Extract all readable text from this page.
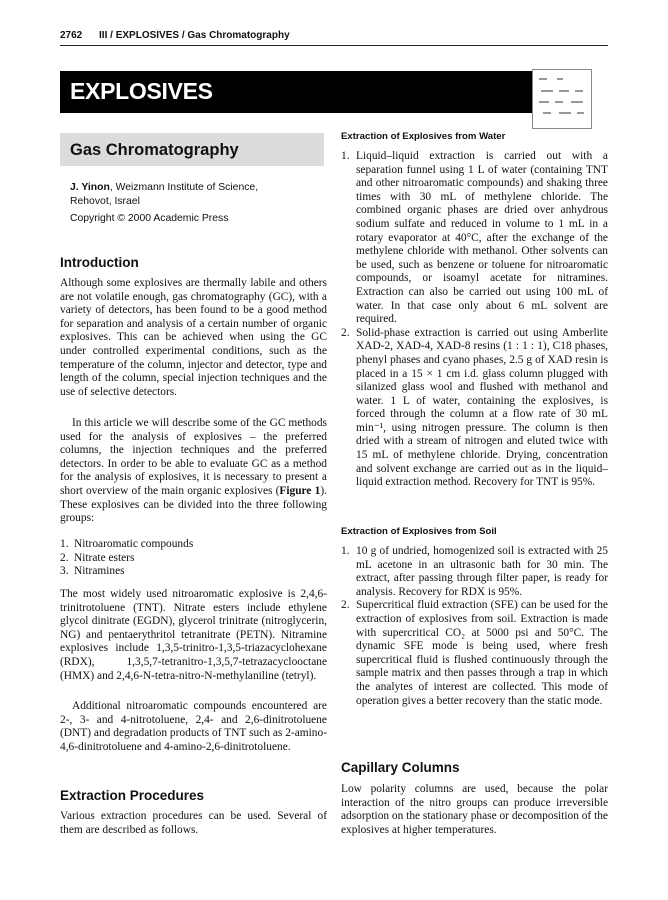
2762 III / EXPLOSIVES / Gas Chromatography
EXPLOSIVES
Gas Chromatography
J. Yinon, Weizmann Institute of Science,
Rehovot, Israel
Copyright © 2000 Academic Press
Introduction

Although some explosives are thermally labile and others are not volatile enough, gas chromatography (GC), with a variety of detectors, has been found to be a good method for separation and analysis of a certain number of organic explosives. This can be achieved when using the GC under controlled experimental conditions, such as the temperature of the column, injector and detector, type and length of the column, special injection techniques and the use of selective detectors.

In this article we will describe some of the GC methods used for the analysis of explosives – the preferred columns, the injection techniques and the preferred detectors. In order to be able to evaluate GC as a method for the analysis of explosives, it is necessary to present a short overview of the main organic explosives (Figure 1). These explosives can be divided into the three following groups:

1. Nitroaromatic compounds
2. Nitrate esters
3. Nitramines

The most widely used nitroaromatic explosive is 2,4,6-trinitrotoluene (TNT). Nitrate esters include ethylene glycol dinitrate (EGDN), glycerol trinitrate (nitroglycerin, NG) and pentaerythritol tetranitrate (PETN). Nitramine explosives include 1,3,5-trinitro-1,3,5-triazacyclohexane (RDX), 1,3,5,7-tetranitro-1,3,5,7-tetrazacyclooctane (HMX) and 2,4,6-N-tetra-nitro-N-methylaniline (tetryl).

Additional nitroaromatic compounds encountered are 2-, 3- and 4-nitrotoluene, 2,4- and 2,6-dinitrotoluene (DNT) and degradation products of TNT such as 2-amino-4,6-dinitrotoluene and 4-amino-2,6-dinitrotoluene.

Extraction Procedures

Various extraction procedures can be used. Several of them are described as follows.

Extraction of Explosives from Water
1. Liquid–liquid extraction is carried out with a separation funnel using 1 L of water (containing TNT and other nitroaromatic compounds) and shaking three times with 30 mL of methylene chloride. The combined organic phases are dried over anhydrous sodium sulfate and reduced in volume to 1 mL in a rotary evaporator at 40°C, after the exchange of the methylene chloride with methanol. Other solvents can be used, such as benzene or toluene for nitroaromatic compounds, or isoamyl acetate for nitramines. Extraction can also be carried out using 100 mL of water. In that case only about 6 mL solvent are required.
2. Solid-phase extraction is carried out using Amberlite XAD-2, XAD-4, XAD-8 resins (1 : 1 : 1), C18 phases, phenyl phases and cyano phases, 2.5 g of XAD resin is placed in a 15 × 1 cm i.d. glass column plugged with silanized glass wool and flushed with methanol and water. 1 L of water, containing the explosives, is forced through the column at a flow rate of 30 mL min⁻¹, using nitrogen pressure. The column is then dried with a stream of nitrogen and eluted twice with 15 mL of methylene chloride. Drying, concentration and solvent exchange are carried out as in the liquid–liquid extraction method. Recovery for TNT is 95%.
Extraction of Explosives from Soil
1. 10 g of undried, homogenized soil is extracted with 25 mL acetone in an ultrasonic bath for 30 min. The extract, after passing through filter paper, is ready for analysis. Recovery for RDX is 95%.
2. Supercritical fluid extraction (SFE) can be used for the extraction of explosives from soil. Extraction is made with supercritical CO₂ at 5000 psi and 50°C. The dynamic SFE mode is being used, where fresh supercritical fluid is flushed continuously through the sample matrix and then passes through a trap in which the analytes of interest are collected. This mode of operation gives a better recovery than the static mode.
Capillary Columns

Low polarity columns are used, because the polar interaction of the nitro groups can produce irreversible adsorption on the stationary phase or decomposition of the explosives at higher temperatures.
